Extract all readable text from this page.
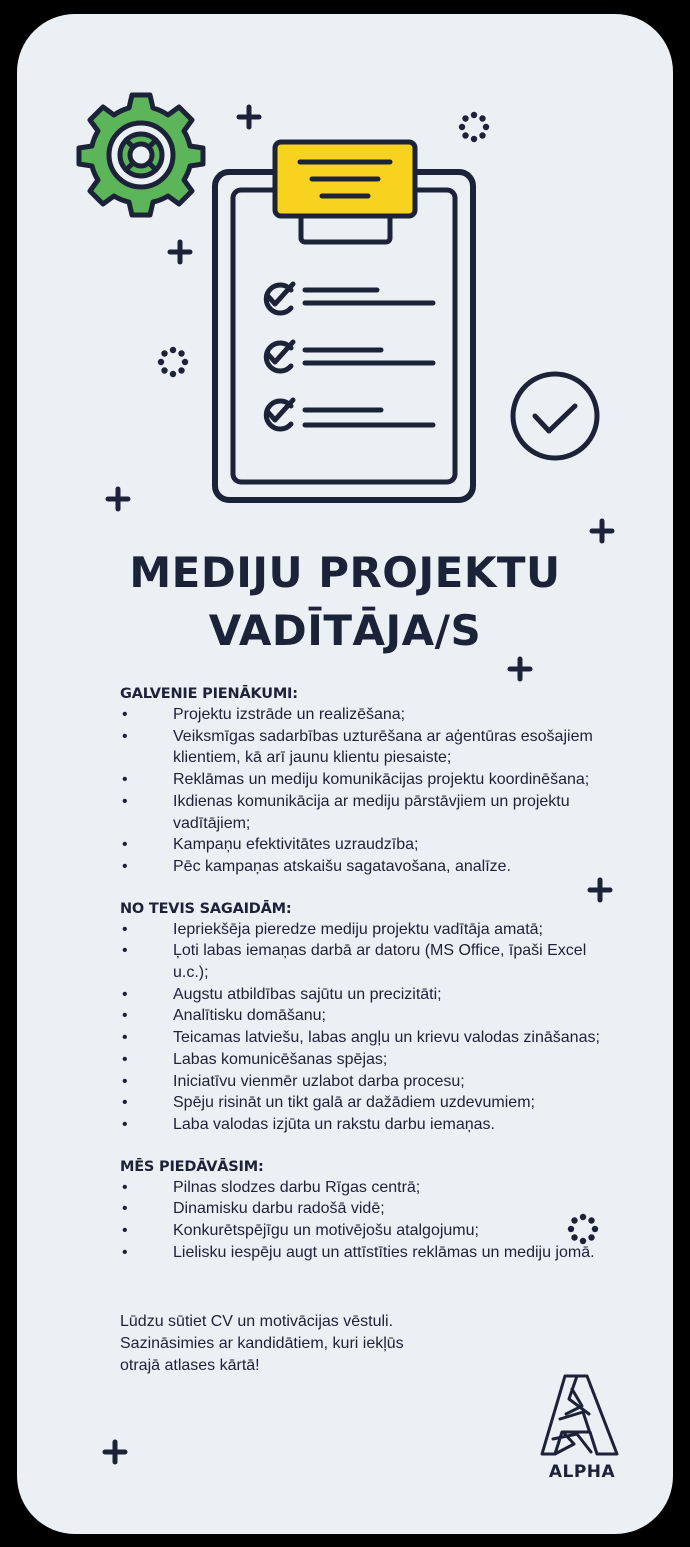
MEDIJU PROJEKTU
VADĪTĀJA/S
GALVENIE PIENĀKUMI:
•	Projektu izstrāde un realizēšana;
•	Veiksmīgas sadarbības uzturēšana ar aģentūras esošajiem klientiem, kā arī jaunu klientu piesaiste;
•	Reklāmas un mediju komunikācijas projektu koordinēšana;
•	Ikdienas komunikācija ar mediju pārstāvjiem un projektu vadītājiem;
•	Kampaņu efektivitātes uzraudzība;
•	Pēc kampaņas atskaišu sagatavošana, analīze.
NO TEVIS SAGAIDĀM:
•	Iepriekšēja pieredze mediju projektu vadītāja amatā;
•	Ļoti labas iemaņas darbā ar datoru (MS Office, īpaši Excel u.c.);
•	Augstu atbildības sajūtu un precizitāti;
•	Analītisku domāšanu;
•	Teicamas latviešu, labas angļu un krievu valodas zināšanas;
•	Labas komunicēšanas spējas;
•	Iniciatīvu vienmēr uzlabot darba procesu;
•	Spēju risināt un tikt galā ar dažādiem uzdevumiem;
•	Laba valodas izjūta un rakstu darbu iemaņas.
MĒS PIEDĀVĀSIM:
•	Pilnas slodzes darbu Rīgas centrā;
•	Dinamisku darbu radošā vidē;
•	Konkurētspējīgu un motivējošu atalgojumu;
•	Lielisku iespēju augt un attīstīties reklāmas un mediju jomā.

Lūdzu sūtiet CV un motivācijas vēstuli.
Sazināsimies ar kandidātiem, kuri iekļūs
otrajā atlases kārtā!

ALPHA
